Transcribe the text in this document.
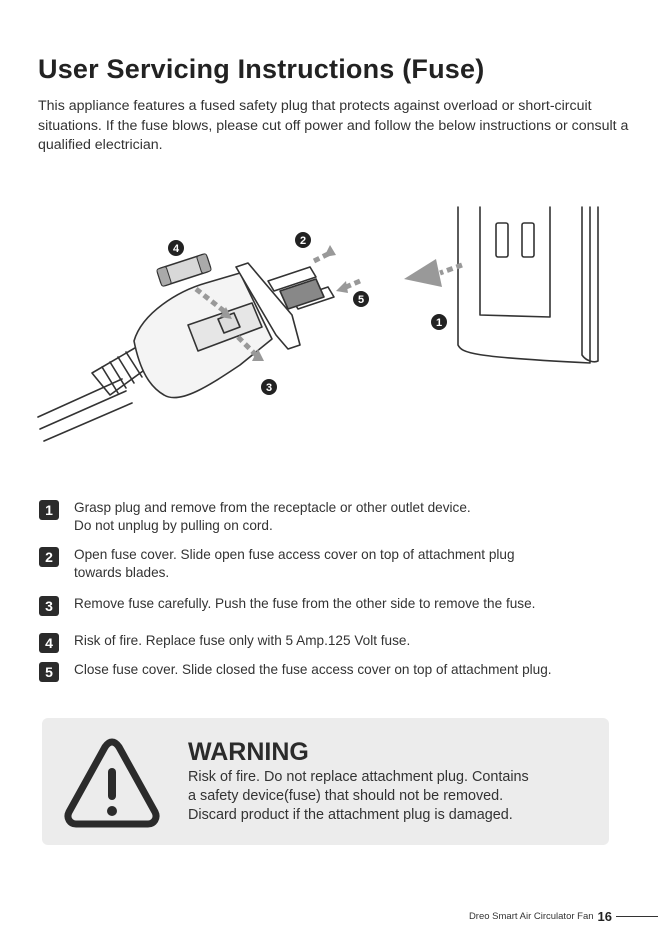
User Servicing Instructions (Fuse)
This appliance features a fused safety plug that protects against overload or short-circuit situations. If the fuse blows, please cut off power and follow the below instructions or consult a qualified electrician.
4
2
5
1
3
1	Grasp plug and remove from the receptacle or other outlet device.
Do not unplug by pulling on cord.
2	Open fuse cover. Slide open fuse access cover on top of attachment plug
towards blades.
3	Remove fuse carefully. Push the fuse from the other side to remove the fuse.
4	Risk of fire. Replace fuse only with 5 Amp.125 Volt fuse.
5	Close fuse cover. Slide closed the fuse access cover on top of attachment plug.
WARNING
Risk of fire. Do not replace attachment plug. Contains
a safety device(fuse) that should not be removed.
Discard product if the attachment plug is damaged.
Dreo Smart Air Circulator Fan 16
